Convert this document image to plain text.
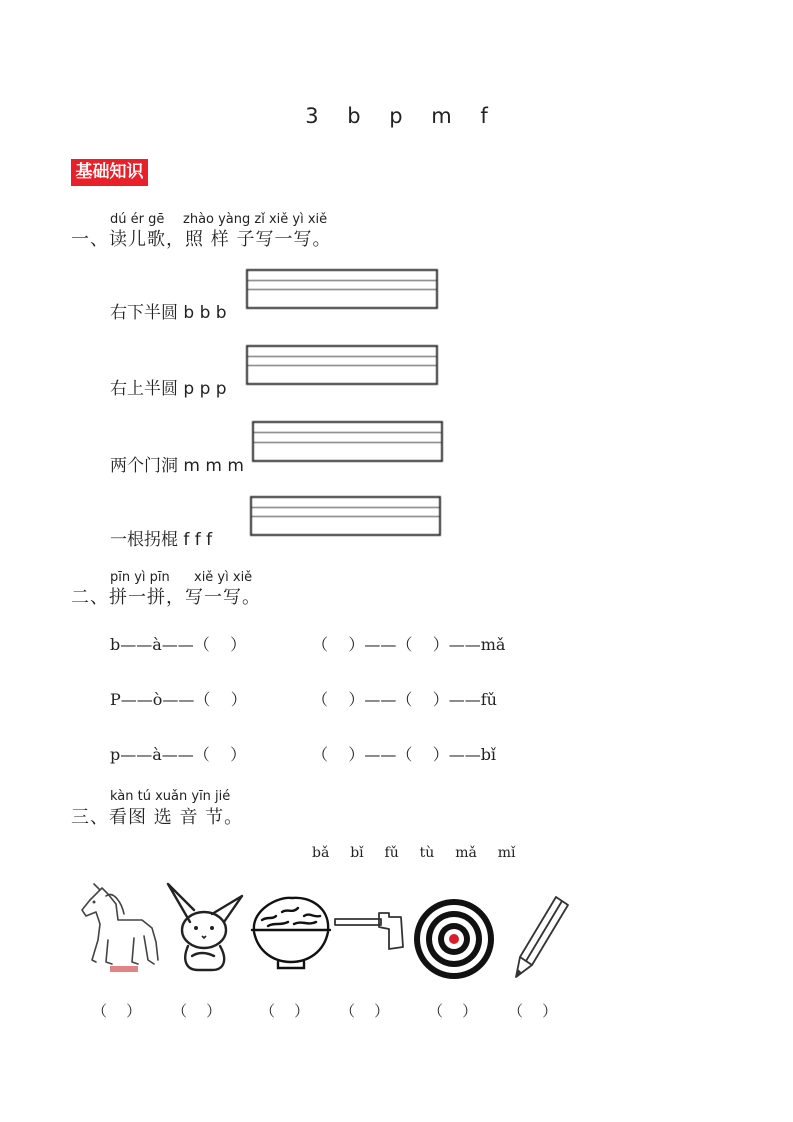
3 b p m f
基础知识
dú ér gē zhào yàng zǐ xiě yì xiě
一、读儿歌，照 样 子写一写。
右下半圆 b b b
右上半圆 p p p
两个门洞 m m m
一根拐棍 f f f
pīn yì pīn xiě yì xiě
二、拼一拼，写一写。
b——à——（    ）	（    ）——（    ）——mǎ
P——ò——（    ）	（    ）——（    ）——fǔ
p——à——（    ）	（    ）——（    ）——bǐ
kàn tú xuǎn yīn jié
三、看图 选 音 节。
bǎ  bǐ  fǔ  tù  mǎ  mǐ
（    ） （    ）	（    ） （    ）	（    ） （    ）
